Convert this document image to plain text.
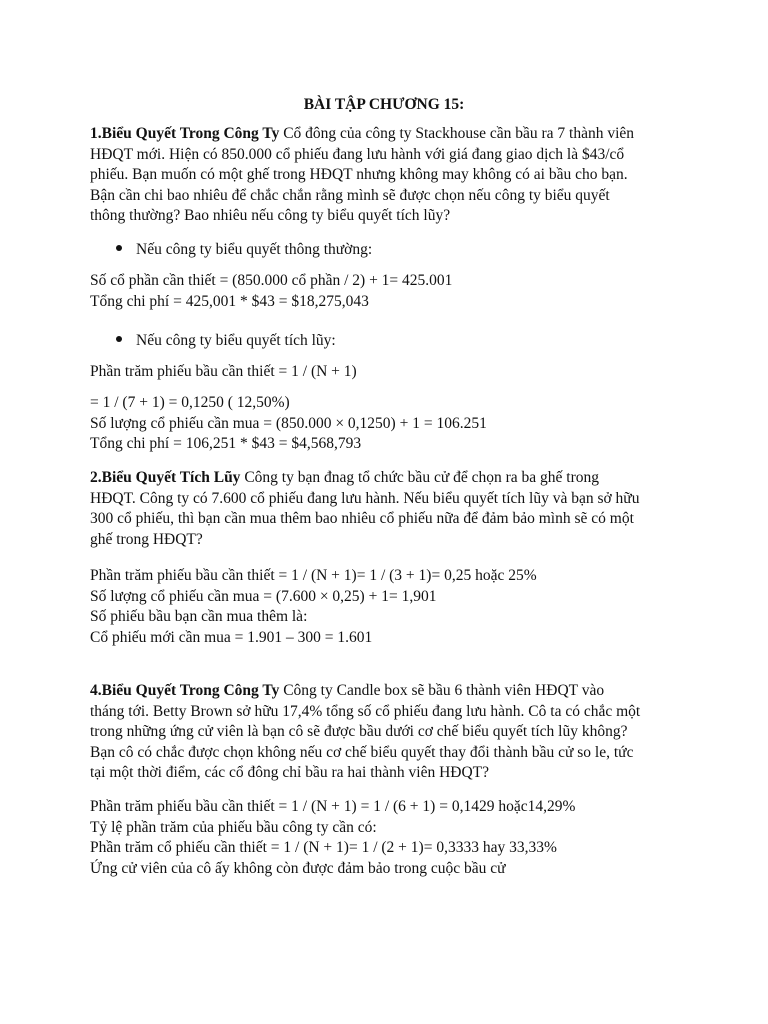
BÀI TẬP CHƯƠNG 15:
1.Biểu Quyết Trong Công Ty Cổ đông của công ty Stackhouse cần bầu ra 7 thành viên
HĐQT mới. Hiện có 850.000 cổ phiếu đang lưu hành với giá đang giao dịch là $43/cổ
phiếu. Bạn muốn có một ghế trong HĐQT nhưng không may không có ai bầu cho bạn.
Bận cần chi bao nhiêu để chắc chắn rằng mình sẽ được chọn nếu công ty biểu quyết
thông thường? Bao nhiêu nếu công ty biểu quyết tích lũy?
Nếu công ty biểu quyết thông thường:
Số cổ phần cần thiết = (850.000 cổ phần / 2) + 1= 425.001
Tổng chi phí = 425,001 * $43 = $18,275,043
Nếu công ty biểu quyết tích lũy:
Phần trăm phiếu bầu cần thiết = 1 / (N + 1)
= 1 / (7 + 1) = 0,1250 ( 12,50%)
Số lượng cổ phiếu cần mua = (850.000 × 0,1250) + 1 = 106.251
Tổng chi phí = 106,251 * $43 = $4,568,793
2.Biểu Quyết Tích Lũy Công ty bạn đnag tổ chức bầu cử để chọn ra ba ghế trong
HĐQT. Công ty có 7.600 cổ phiếu đang lưu hành. Nếu biểu quyết tích lũy và bạn sở hữu
300 cổ phiếu, thì bạn cần mua thêm bao nhiêu cổ phiếu nữa để đảm bảo mình sẽ có một
ghế trong HĐQT?
Phần trăm phiếu bầu cần thiết = 1 / (N + 1)= 1 / (3 + 1)= 0,25 hoặc 25%
Số lượng cổ phiếu cần mua = (7.600 × 0,25) + 1= 1,901
Số phiếu bầu bạn cần mua thêm là:
Cổ phiếu mới cần mua = 1.901 – 300 = 1.601
4.Biểu Quyết Trong Công Ty Công ty Candle box sẽ bầu 6 thành viên HĐQT vào
tháng tới. Betty Brown sở hữu 17,4% tổng số cổ phiếu đang lưu hành. Cô ta có chắc một
trong những ứng cử viên là bạn cô sẽ được bầu dưới cơ chế biểu quyết tích lũy không?
Bạn cô có chắc được chọn không nếu cơ chế biểu quyết thay đổi thành bầu cử so le, tức
tại một thời điểm, các cổ đông chỉ bầu ra hai thành viên HĐQT?
Phần trăm phiếu bầu cần thiết = 1 / (N + 1) = 1 / (6 + 1) = 0,1429 hoặc14,29%
Tỷ lệ phần trăm của phiếu bầu công ty cần có:
Phần trăm cổ phiếu cần thiết = 1 / (N + 1)= 1 / (2 + 1)= 0,3333 hay 33,33%
Ứng cử viên của cô ấy không còn được đảm bảo trong cuộc bầu cử
